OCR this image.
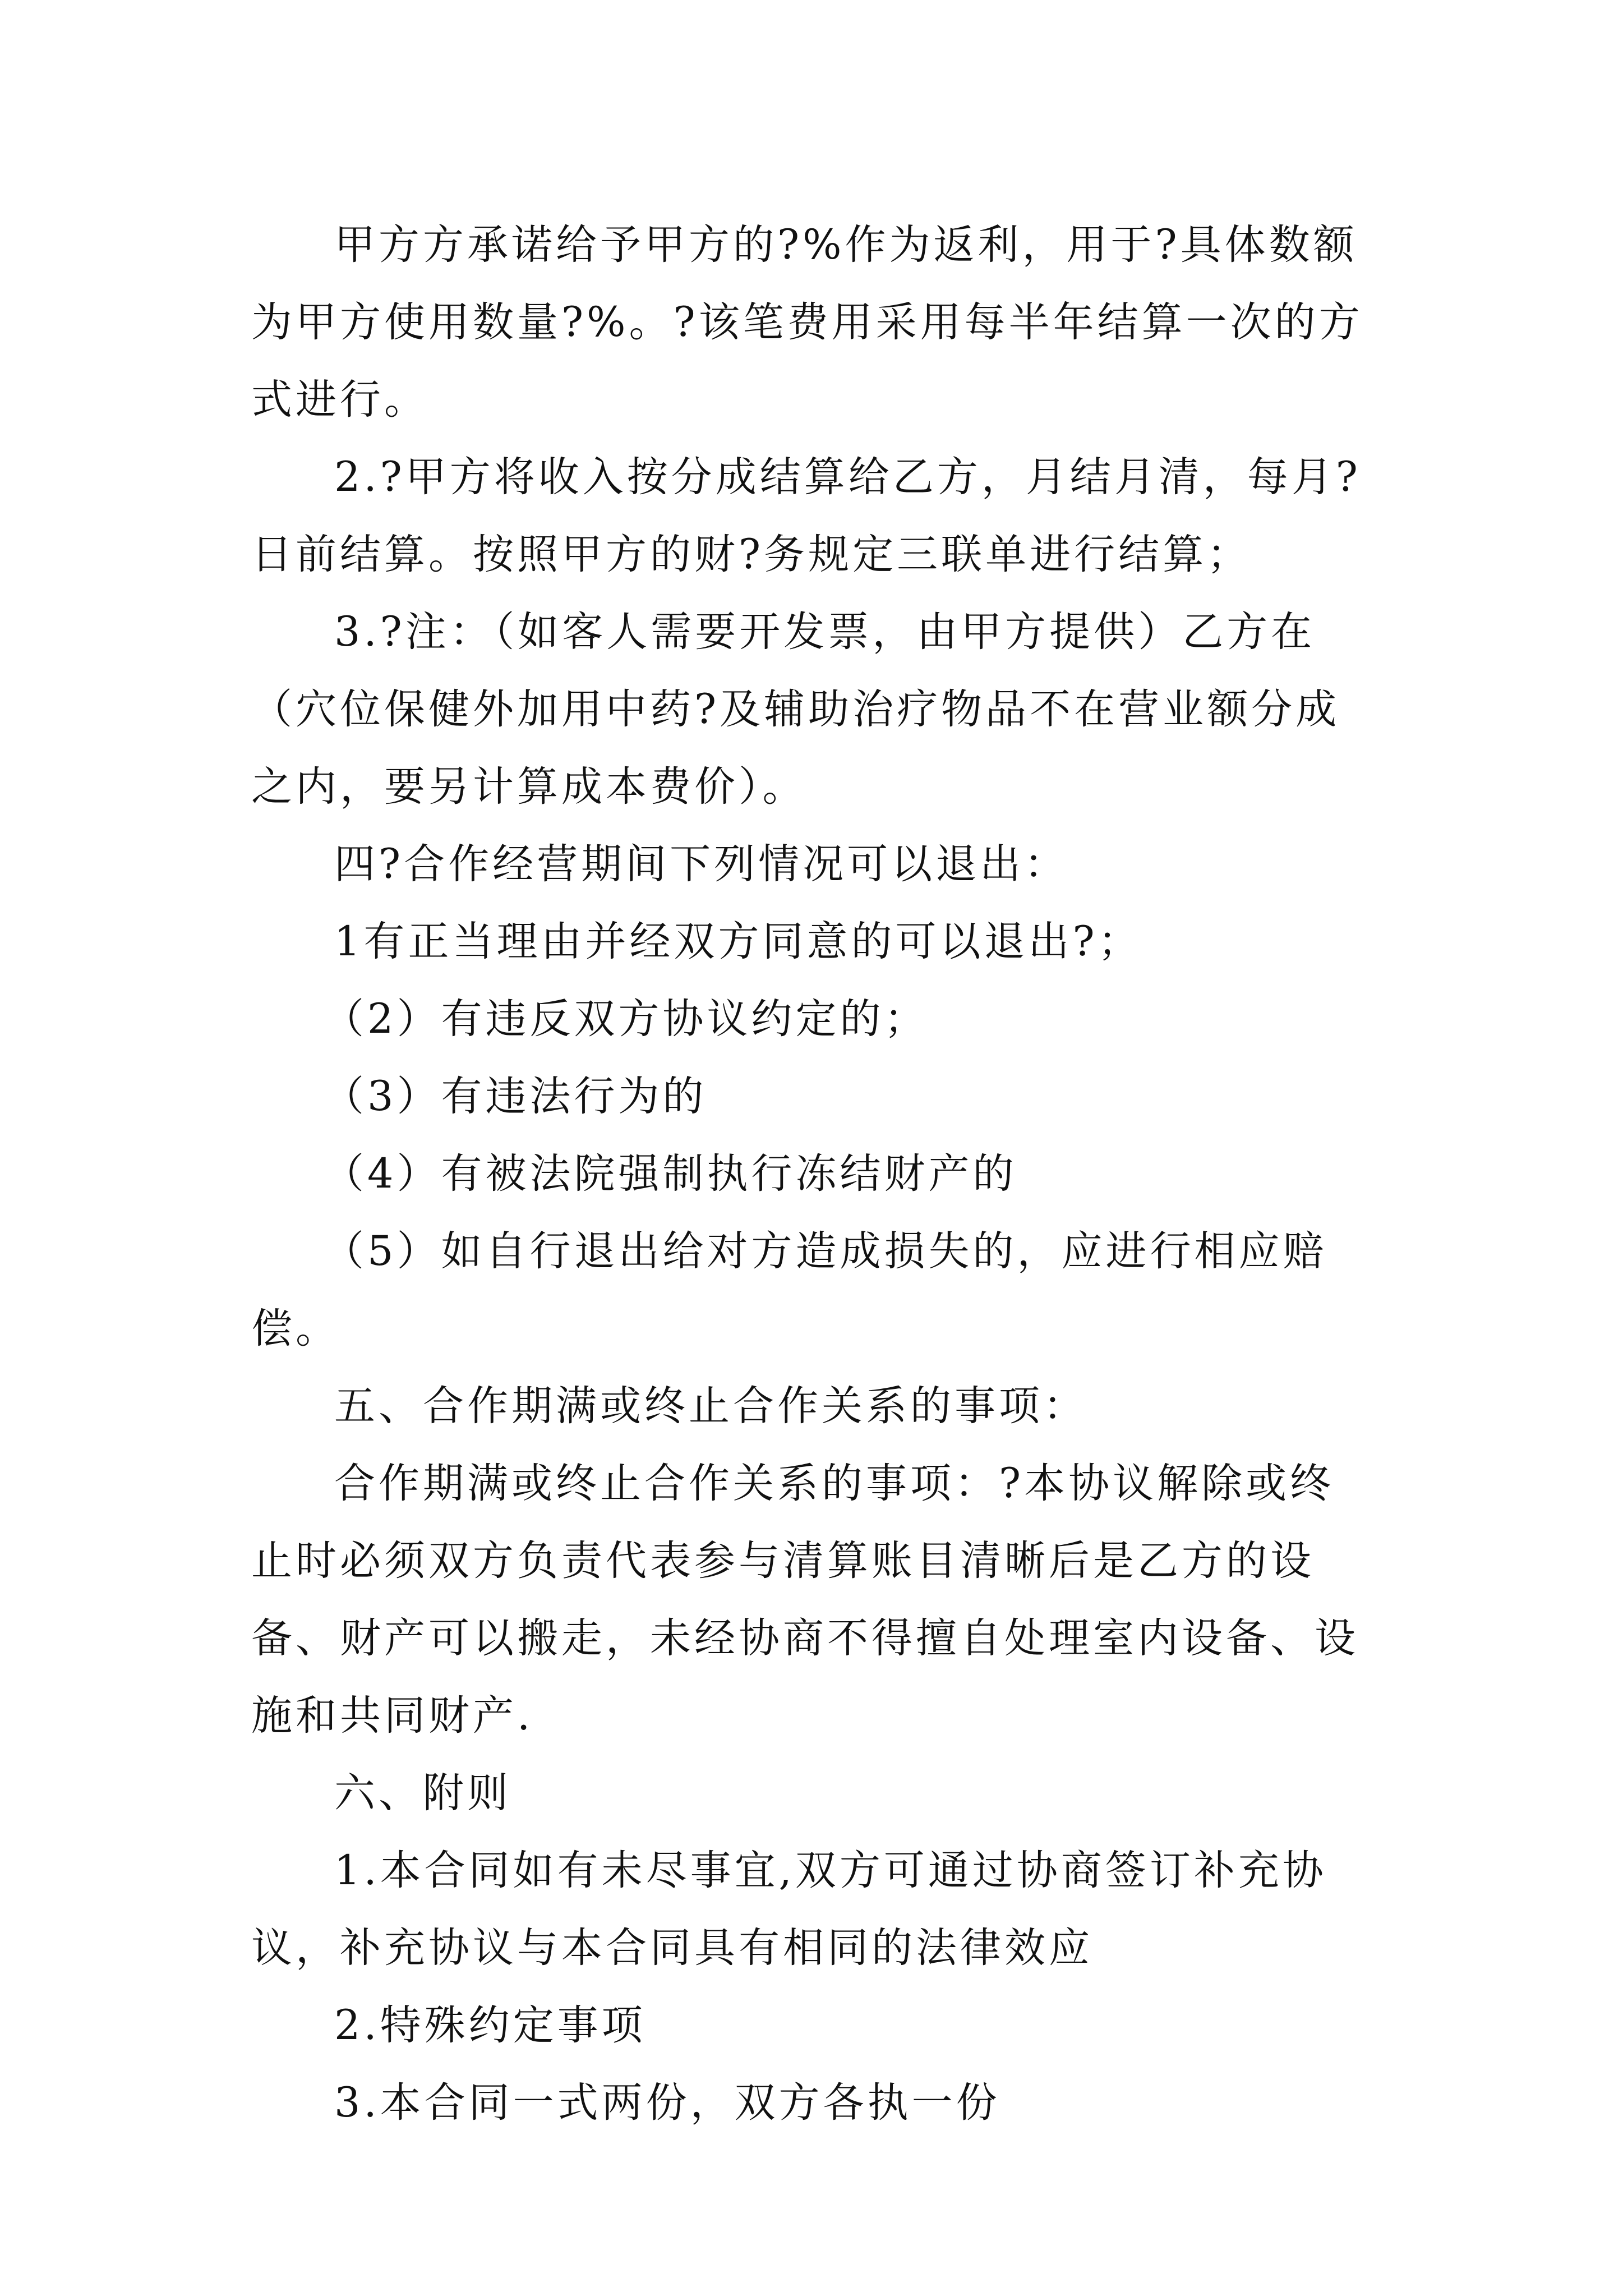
甲方方承诺给予甲方的?%作为返利，用于?具体数额为甲方使用数量?%。?该笔费用采用每半年结算一次的方式进行。

2.?甲方将收入按分成结算给乙方，月结月清，每月?日前结算。按照甲方的财?务规定三联单进行结算；

3.?注：（如客人需要开发票，由甲方提供）乙方在（穴位保健外加用中药?及辅助治疗物品不在营业额分成之内，要另计算成本费价）。

四?合作经营期间下列情况可以退出：

1有正当理由并经双方同意的可以退出?；

（2）有违反双方协议约定的；

（3）有违法行为的

（4）有被法院强制执行冻结财产的

（5）如自行退出给对方造成损失的，应进行相应赔偿。

五、合作期满或终止合作关系的事项：

合作期满或终止合作关系的事项：?本协议解除或终止时必须双方负责代表参与清算账目清晰后是乙方的设备、财产可以搬走，未经协商不得擅自处理室内设备、设施和共同财产.

六、附则

1.本合同如有未尽事宜,双方可通过协商签订补充协议，补充协议与本合同具有相同的法律效应

2.特殊约定事项

3.本合同一式两份，双方各执一份
